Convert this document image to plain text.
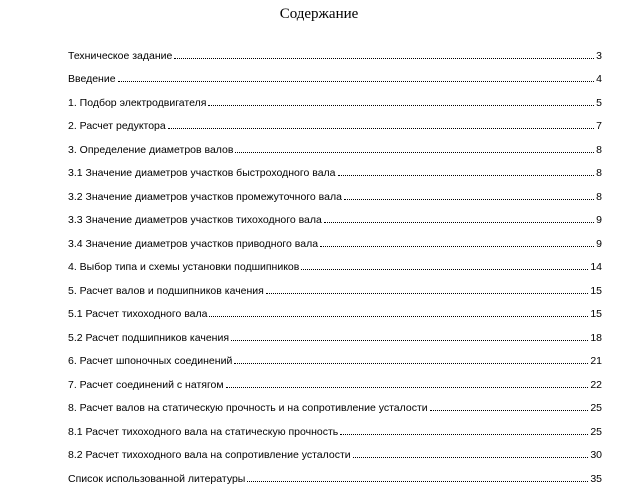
Содержание
Техническое задание	3
Введение	4
1. Подбор электродвигателя	5
2. Расчет редуктора	7
3. Определение диаметров валов	8
3.1 Значение диаметров участков быстроходного вала	8
3.2 Значение диаметров участков промежуточного вала	8
3.3 Значение диаметров участков тихоходного вала	9
3.4 Значение диаметров участков приводного вала	9
4. Выбор типа и схемы установки подшипников	14
5. Расчет валов и подшипников качения	15
5.1 Расчет тихоходного вала	15
5.2 Расчет подшипников качения	18
6. Расчет шпоночных соединений	21
7. Расчет соединений с натягом	22
8. Расчет валов на статическую прочность и на сопротивление усталости	25
8.1 Расчет тихоходного вала на статическую прочность	25
8.2 Расчет тихоходного вала на сопротивление усталости	30
Список использованной литературы	35
